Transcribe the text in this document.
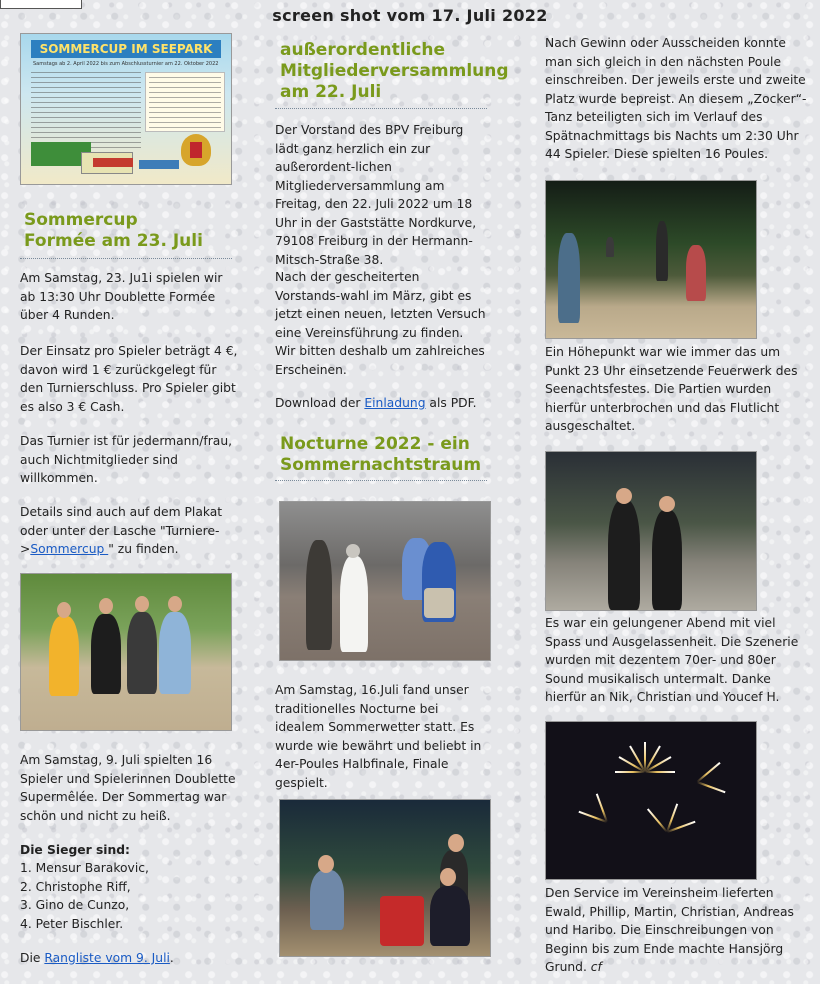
screen shot vom 17. Juli 2022
SOMMERCUP IM SEEPARK
Samstags ab 2. April 2022 bis zum Abschlussturnier am 22. Oktober 2022
Sommercup Formée am 23. Juli

Am Samstag, 23. Ju1i spielen wir ab 13:30 Uhr Doublette Formée über 4 Runden.

Der Einsatz pro Spieler beträgt 4 €, davon wird 1 € zurückgelegt für den Turnierschluss. Pro Spieler gibt es also 3 € Cash.

Das Turnier ist für jedermann/frau, auch Nichtmitglieder sind willkommen.

Details sind auch auf dem Plakat oder unter der Lasche "Turniere->Sommercup " zu finden.

Am Samstag, 9. Juli spielten 16 Spieler und Spielerinnen Doublette Supermêlée. Der Sommertag war schön und nicht zu heiß.

Die Sieger sind:

1. Mensur Barakovic,
2. Christophe Riff,
3. Gino de Cunzo,
4. Peter Bischler.

Die Rangliste vom 9. Juli.

außerordentliche Mitgliederversammlung am 22. Juli

Der Vorstand des BPV Freiburg lädt ganz herzlich ein zur außerordent-lichen Mitgliederversammlung am Freitag, den 22. Juli 2022 um 18 Uhr in der Gaststätte Nordkurve, 79108 Freiburg in der Hermann-Mitsch-Straße 38.

Nach der gescheiterten Vorstands-wahl im März, gibt es jetzt einen neuen, letzten Versuch eine Vereinsführung zu finden. Wir bitten deshalb um zahlreiches Erscheinen.

Download der Einladung als PDF.

Nocturne 2022 - ein Sommernachtstraum

Am Samstag, 16.Juli fand unser traditionelles Nocturne bei idealem Sommerwetter statt. Es wurde wie bewährt und beliebt in 4er-Poules Halbfinale, Finale gespielt.

Nach Gewinn oder Ausscheiden konnte man sich gleich in den nächsten Poule einschreiben. Der jeweils erste und zweite Platz wurde bepreist. An diesem „Zocker“-Tanz beteiligten sich im Verlauf des Spätnachmittags bis Nachts um 2:30 Uhr 44 Spieler. Diese spielten 16 Poules.

Ein Höhepunkt war wie immer das um Punkt 23 Uhr einsetzende Feuerwerk des Seenachtsfestes. Die Partien wurden hierfür unterbrochen und das Flutlicht ausgeschaltet.

Es war ein gelungener Abend mit viel Spass und Ausgelassenheit. Die Szenerie wurden mit dezentem 70er- und 80er Sound musikalisch untermalt. Danke hierfür an Nik, Christian und Youcef H.

Den Service im Vereinsheim lieferten Ewald, Phillip, Martin, Christian, Andreas und Haribo. Die Einschreibungen von Beginn bis zum Ende machte Hansjörg Grund. cf
